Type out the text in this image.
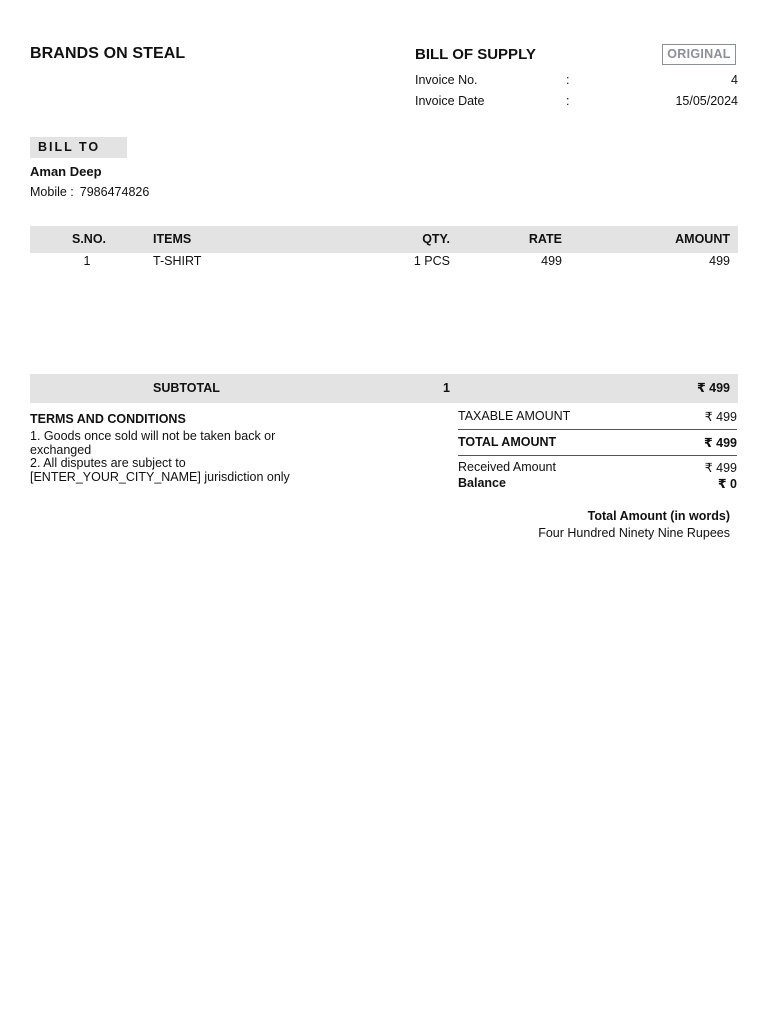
BRANDS ON STEAL	BILL OF SUPPLY	ORIGINAL
Invoice No.	:	4
Invoice Date	:	15/05/2024
BILL TO
Aman Deep
Mobile : 7986474826
S.NO.	ITEMS	QTY.	RATE	AMOUNT
1	T-SHIRT	1 PCS	499	499
SUBTOTAL	1	₹ 499
TERMS AND CONDITIONS
1. Goods once sold will not be taken back or exchanged
2. All disputes are subject to [ENTER_YOUR_CITY_NAME] jurisdiction only
TAXABLE AMOUNT	₹ 499
TOTAL AMOUNT	₹ 499
Received Amount	₹ 499
Balance	₹ 0
Total Amount (in words)
Four Hundred Ninety Nine Rupees
